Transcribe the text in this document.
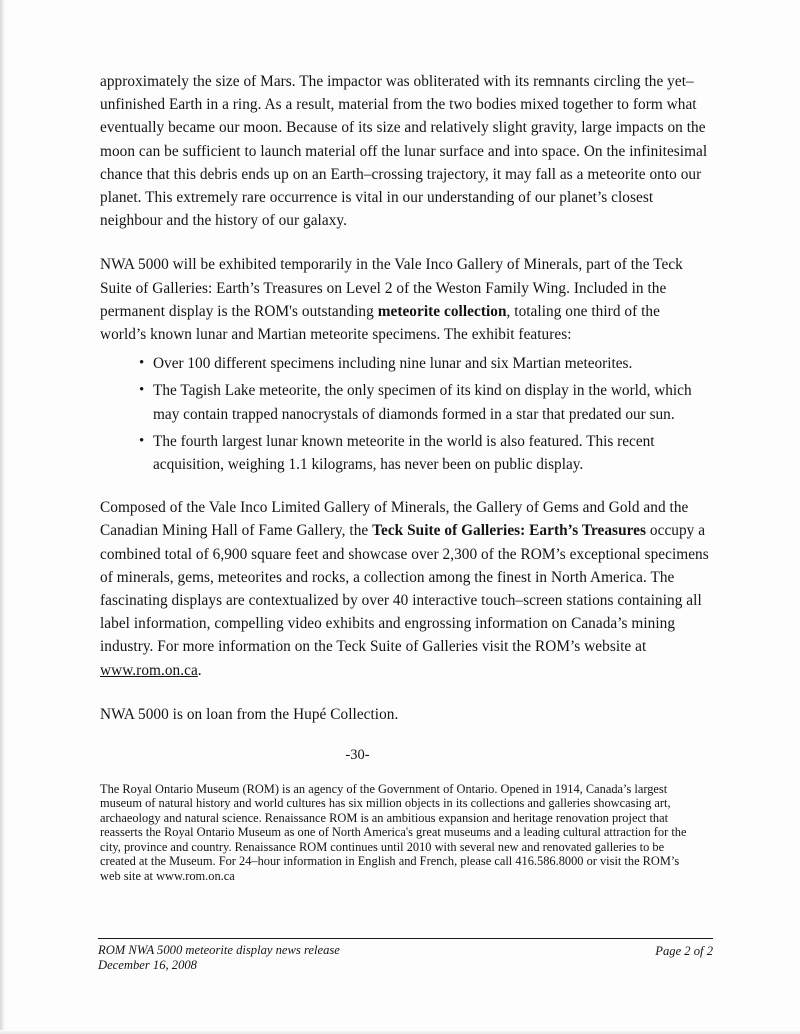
approximately the size of Mars. The impactor was obliterated with its remnants circling the yet–unfinished Earth in a ring. As a result, material from the two bodies mixed together to form what eventually became our moon. Because of its size and relatively slight gravity, large impacts on the moon can be sufficient to launch material off the lunar surface and into space. On the infinitesimal chance that this debris ends up on an Earth–crossing trajectory, it may fall as a meteorite onto our planet. This extremely rare occurrence is vital in our understanding of our planet’s closest neighbour and the history of our galaxy.

NWA 5000 will be exhibited temporarily in the Vale Inco Gallery of Minerals, part of the Teck Suite of Galleries: Earth’s Treasures on Level 2 of the Weston Family Wing. Included in the permanent display is the ROM's outstanding meteorite collection, totaling one third of the world’s known lunar and Martian meteorite specimens. The exhibit features:

• Over 100 different specimens including nine lunar and six Martian meteorites.
• The Tagish Lake meteorite, the only specimen of its kind on display in the world, which may contain trapped nanocrystals of diamonds formed in a star that predated our sun.
• The fourth largest lunar known meteorite in the world is also featured. This recent acquisition, weighing 1.1 kilograms, has never been on public display.

Composed of the Vale Inco Limited Gallery of Minerals, the Gallery of Gems and Gold and the Canadian Mining Hall of Fame Gallery, the Teck Suite of Galleries: Earth’s Treasures occupy a combined total of 6,900 square feet and showcase over 2,300 of the ROM’s exceptional specimens of minerals, gems, meteorites and rocks, a collection among the finest in North America. The fascinating displays are contextualized by over 40 interactive touch–screen stations containing all label information, compelling video exhibits and engrossing information on Canada’s mining industry. For more information on the Teck Suite of Galleries visit the ROM’s website at www.rom.on.ca.

NWA 5000 is on loan from the Hupé Collection.

-30-

The Royal Ontario Museum (ROM) is an agency of the Government of Ontario. Opened in 1914, Canada’s largest museum of natural history and world cultures has six million objects in its collections and galleries showcasing art, archaeology and natural science. Renaissance ROM is an ambitious expansion and heritage renovation project that reasserts the Royal Ontario Museum as one of North America's great museums and a leading cultural attraction for the city, province and country. Renaissance ROM continues until 2010 with several new and renovated galleries to be created at the Museum. For 24–hour information in English and French, please call 416.586.8000 or visit the ROM’s web site at www.rom.on.ca

ROM NWA 5000 meteorite display news release
December 16, 2008
Page 2 of 2
